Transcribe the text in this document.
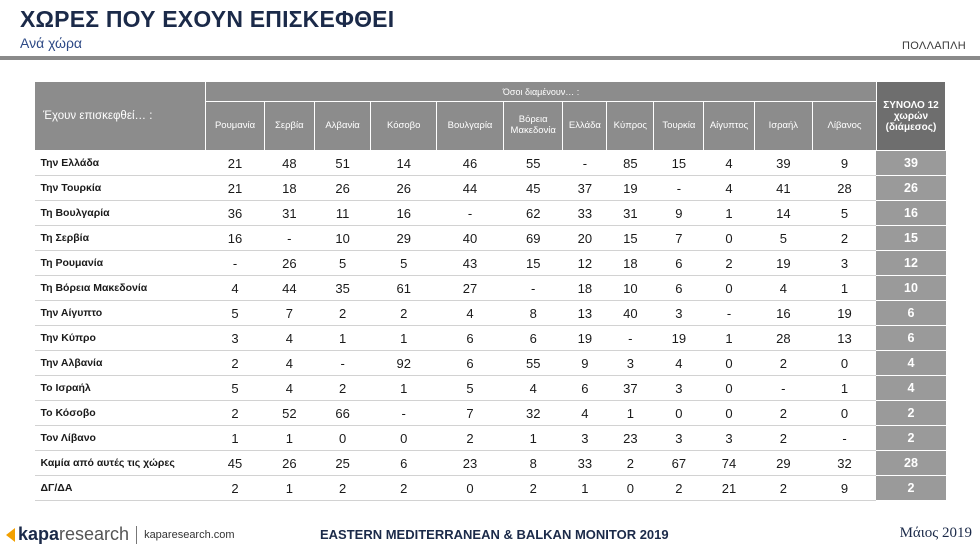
ΧΩΡΕΣ ΠΟΥ ΕΧΟΥΝ ΕΠΙΣΚΕΦΘΕΙ
Ανά χώρα	ΠΟΛΛΑΠΛΗ
Έχουν επισκεφθεί… :	Όσοι διαμένουν… :												ΣΥΝΟΛΟ 12 χωρών (διάμεσος)
	Ρουμανία	Σερβία	Αλβανία	Κόσοβο	Βουλγαρία	Βόρεια Μακεδονία	Ελλάδα	Κύπρος	Τουρκία	Αίγυπτος	Ισραήλ	Λίβανος	
Την Ελλάδα	21	48	51	14	46	55	-	85	15	4	39	9	39
Την Τουρκία	21	18	26	26	44	45	37	19	-	4	41	28	26
Τη Βουλγαρία	36	31	11	16	-	62	33	31	9	1	14	5	16
Τη Σερβία	16	-	10	29	40	69	20	15	7	0	5	2	15
Τη Ρουμανία	-	26	5	5	43	15	12	18	6	2	19	3	12
Τη Βόρεια Μακεδονία	4	44	35	61	27	-	18	10	6	0	4	1	10
Την Αίγυπτο	5	7	2	2	4	8	13	40	3	-	16	19	6
Την Κύπρο	3	4	1	1	6	6	19	-	19	1	28	13	6
Την Αλβανία	2	4	-	92	6	55	9	3	4	0	2	0	4
Το Ισραήλ	5	4	2	1	5	4	6	37	3	0	-	1	4
Το Κόσοβο	2	52	66	-	7	32	4	1	0	0	2	0	2
Τον Λίβανο	1	1	0	0	2	1	3	23	3	3	2	-	2
Καμία από αυτές τις χώρες	45	26	25	6	23	8	33	2	67	74	29	32	28
ΔΓ/ΔΑ	2	1	2	2	0	2	1	0	2	21	2	9	2
kapa research kaparesearch.com	EASTERN MEDITERRANEAN & BALKAN MONITOR 2019	Μάιος 2019
